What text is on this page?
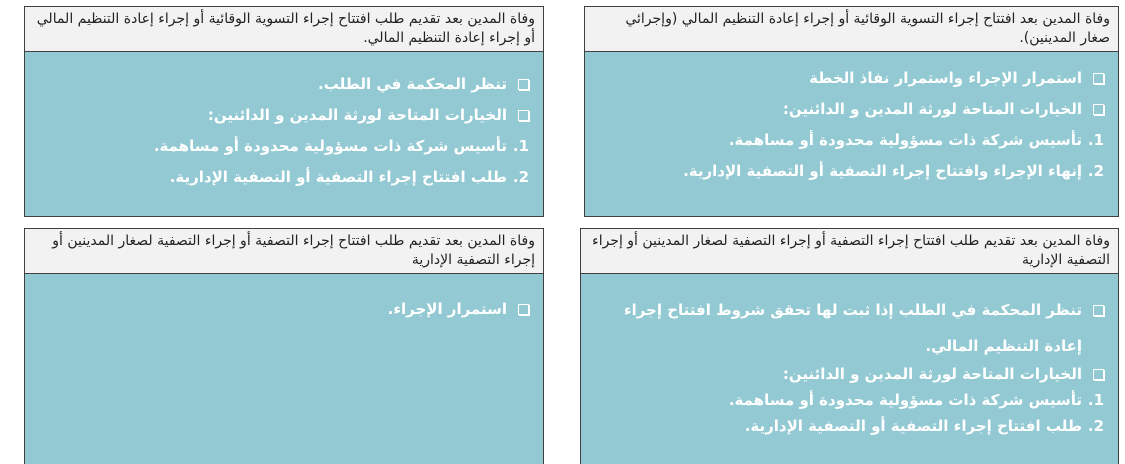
وفاة المدين بعد افتتاح إجراء التسوية الوقائية أو إجراء إعادة التنظيم المالي (وإجرائي صغار المدينين).
استمرار الإجراء واستمرار نفاذ الخطة
الخيارات المتاحة لورثة المدين و الدائنين:
1.
تأسيس شركة ذات مسؤولية محدودة أو مساهمة.
2.
إنهاء الإجراء وافتتاح إجراء التصفية أو التصفية الإدارية.
وفاة المدين بعد تقديم طلب افتتاح إجراء التسوية الوقائية أو إجراء إعادة التنظيم المالي أو إجراء إعادة التنظيم المالي.
تنظر المحكمة في الطلب.
الخيارات المتاحة لورثة المدين و الدائنين:
1.
تأسيس شركة ذات مسؤولية محدودة أو مساهمة.
2.
طلب افتتاح إجراء التصفية أو التصفية الإدارية.
وفاة المدين بعد تقديم طلب افتتاح إجراء التصفية أو إجراء التصفية لصغار المدينين أو إجراء التصفية الإدارية
تنظر المحكمة في الطلب إذا ثبت لها تحقق شروط افتتاح إجراء
إعادة التنظيم المالي.
الخيارات المتاحة لورثة المدين و الدائنين:
1.
تأسيس شركة ذات مسؤولية محدودة أو مساهمة.
2.
طلب افتتاح إجراء التصفية أو التصفية الإدارية.
وفاة المدين بعد تقديم طلب افتتاح إجراء التصفية أو إجراء التصفية لصغار المدينين أو إجراء التصفية الإدارية
استمرار الإجراء.
